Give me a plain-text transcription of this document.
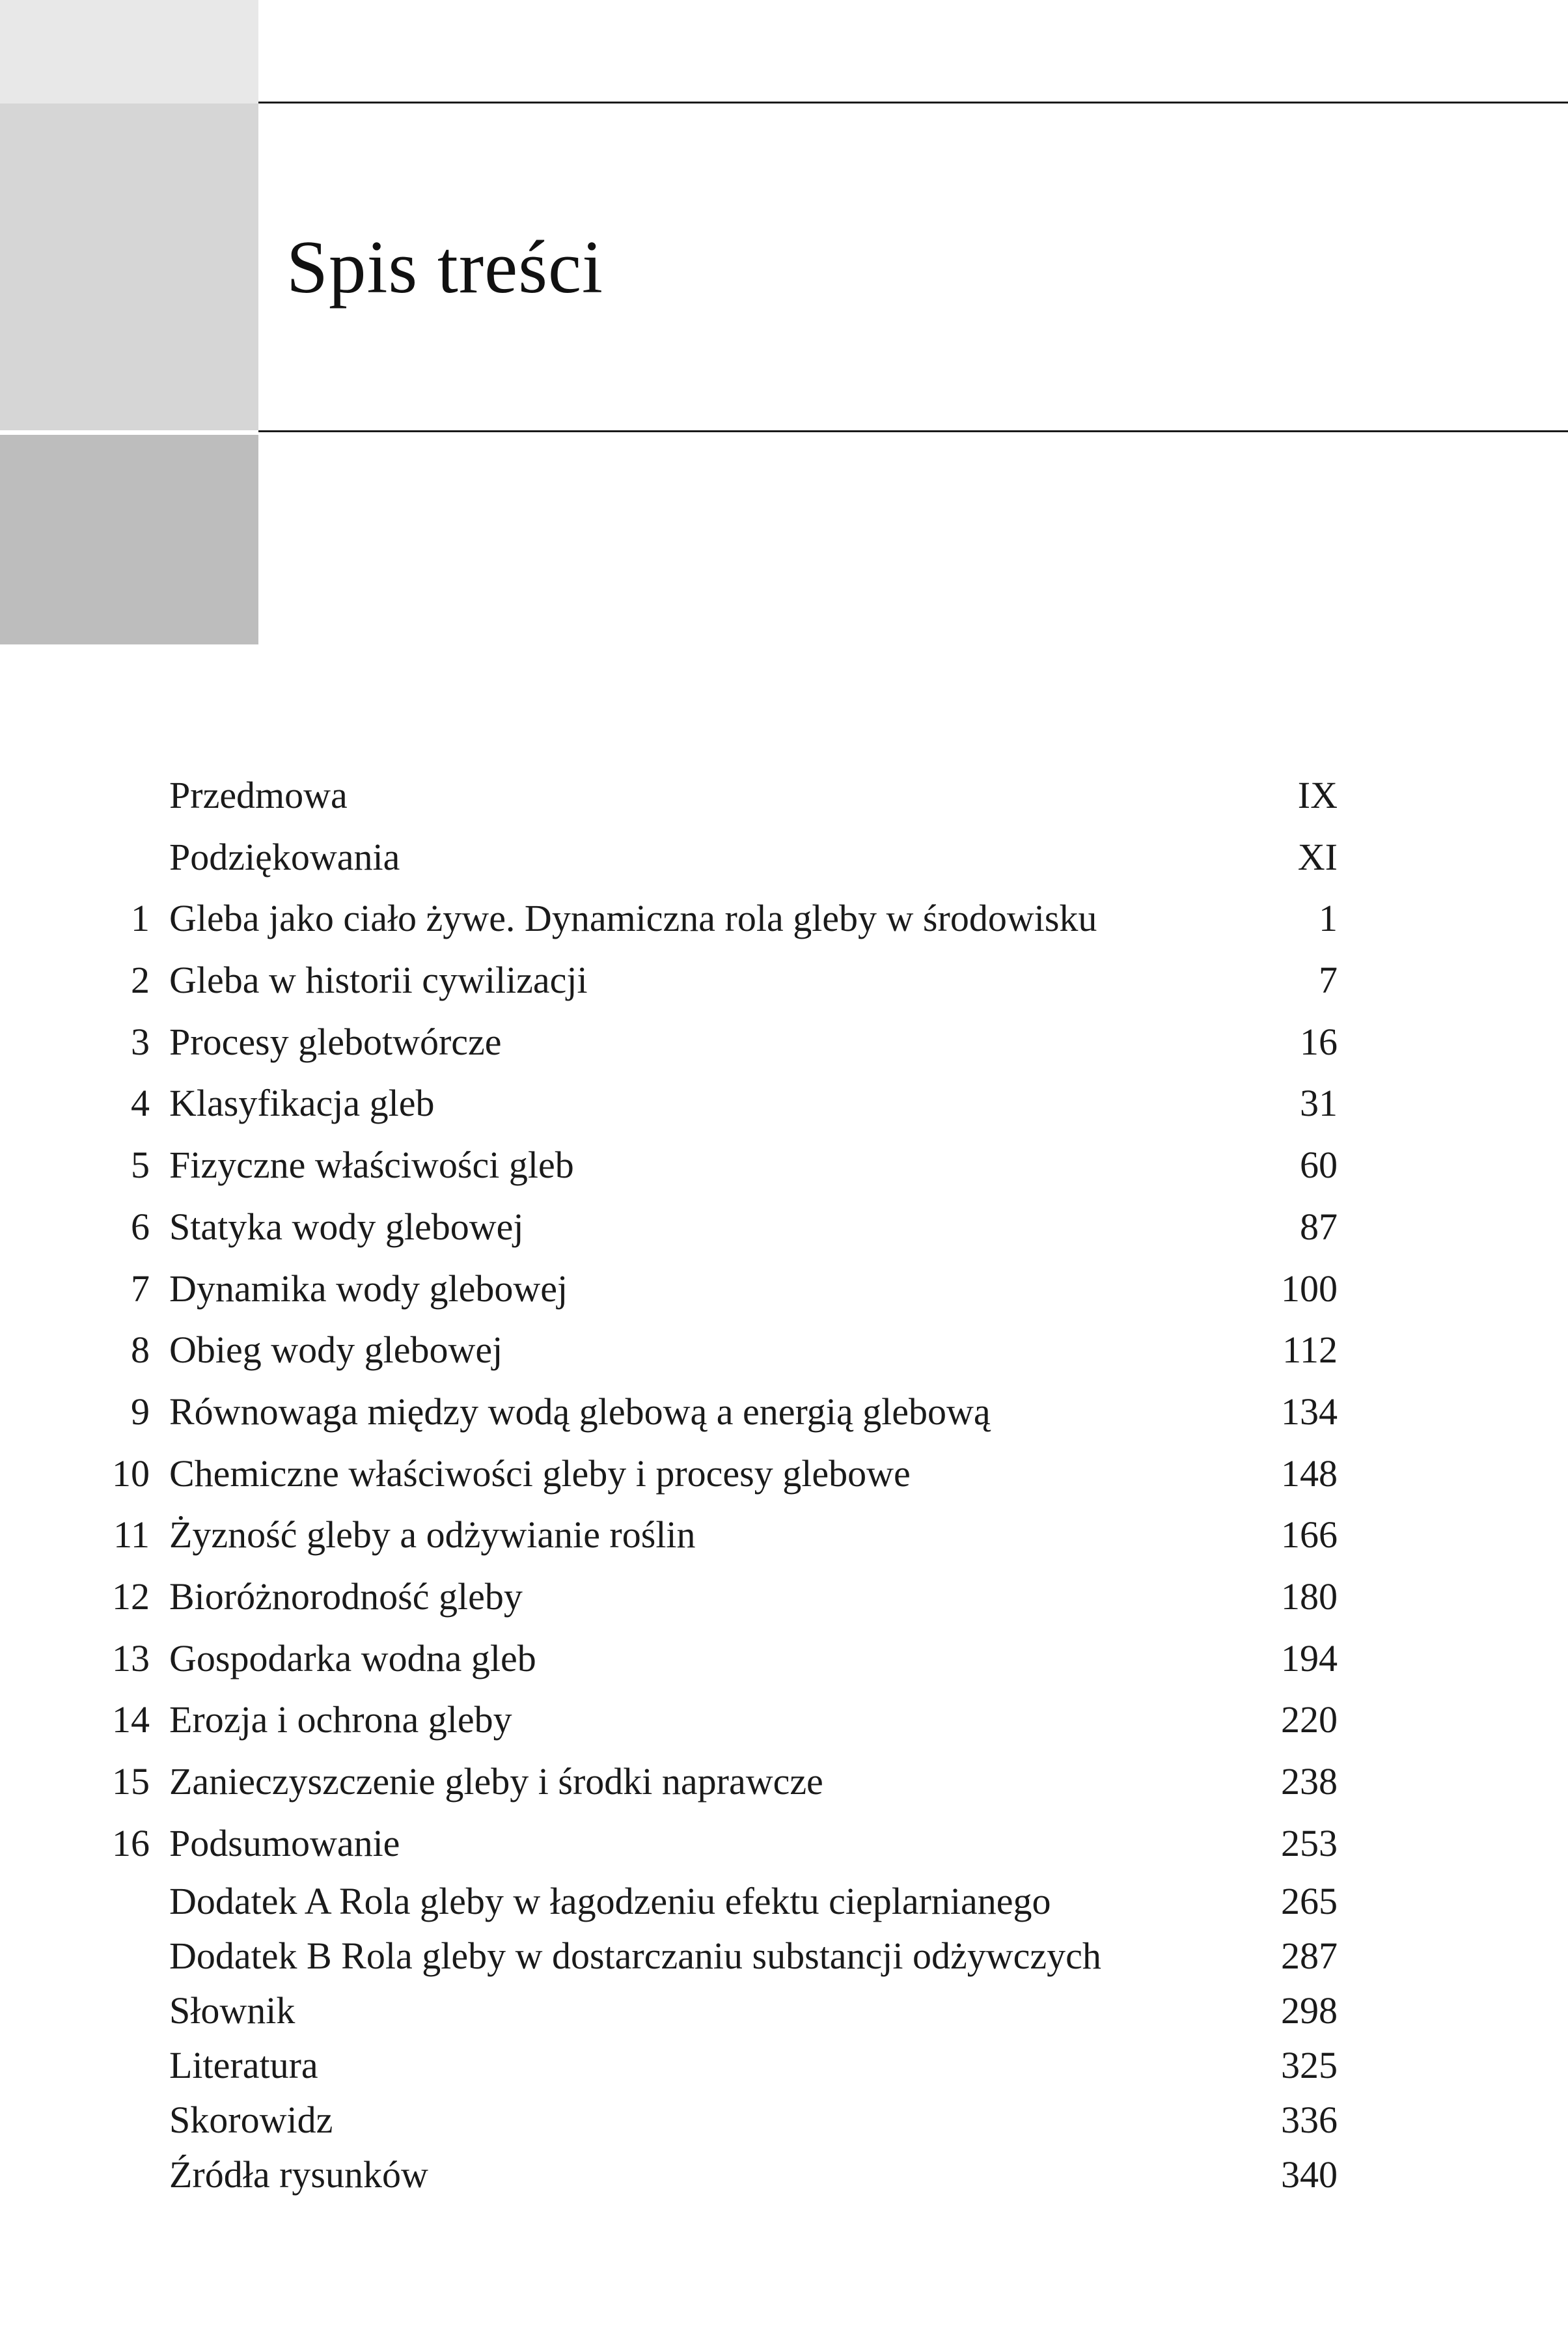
Spis treści
Przedmowa	IX
Podziękowania	XI
1 Gleba jako ciało żywe. Dynamiczna rola gleby w środowisku	1
2 Gleba w historii cywilizacji	7
3 Procesy glebotwórcze	16
4 Klasyfikacja gleb	31
5 Fizyczne właściwości gleb	60
6 Statyka wody glebowej	87
7 Dynamika wody glebowej	100
8 Obieg wody glebowej	112
9 Równowaga między wodą glebową a energią glebową	134
10 Chemiczne właściwości gleby i procesy glebowe	148
11 Żyzność gleby a odżywianie roślin	166
12 Bioróżnorodność gleby	180
13 Gospodarka wodna gleb	194
14 Erozja i ochrona gleby	220
15 Zanieczyszczenie gleby i środki naprawcze	238
16 Podsumowanie	253
Dodatek A Rola gleby w łagodzeniu efektu cieplarnianego	265
Dodatek B Rola gleby w dostarczaniu substancji odżywczych	287
Słownik	298
Literatura	325
Skorowidz	336
Źródła rysunków	340
